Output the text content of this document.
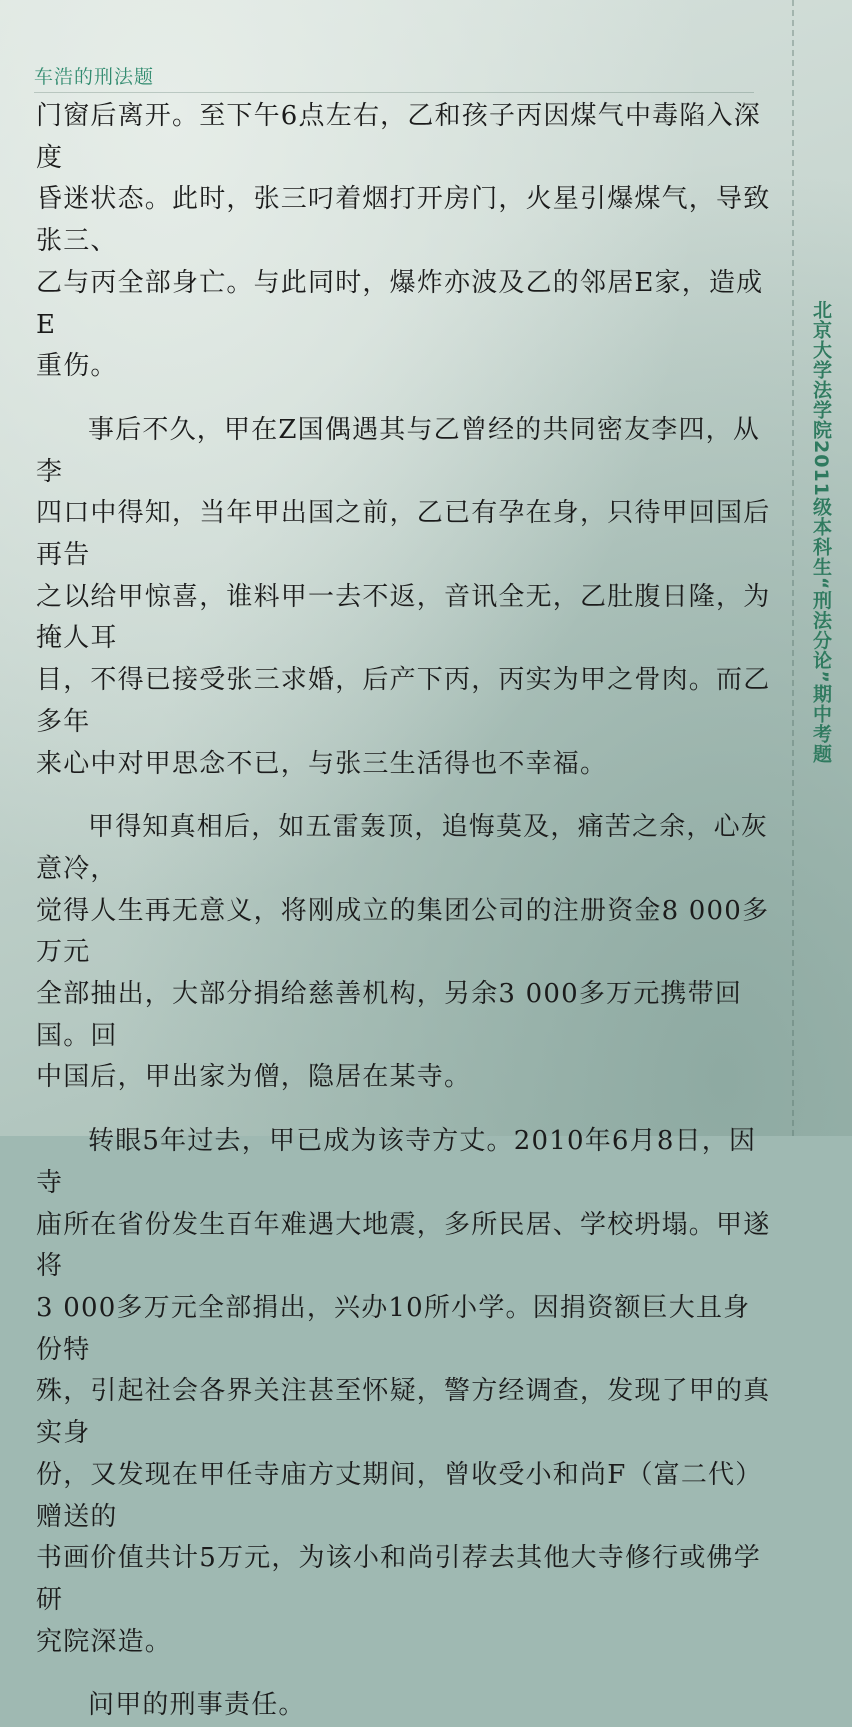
车浩的刑法题

门窗后离开。至下午6点左右，乙和孩子丙因煤气中毒陷入深度
昏迷状态。此时，张三叼着烟打开房门，火星引爆煤气，导致张三、
乙与丙全部身亡。与此同时，爆炸亦波及乙的邻居E家，造成E
重伤。

事后不久，甲在Z国偶遇其与乙曾经的共同密友李四，从李
四口中得知，当年甲出国之前，乙已有孕在身，只待甲回国后再告
之以给甲惊喜，谁料甲一去不返，音讯全无，乙肚腹日隆，为掩人耳
目，不得已接受张三求婚，后产下丙，丙实为甲之骨肉。而乙多年
来心中对甲思念不已，与张三生活得也不幸福。

甲得知真相后，如五雷轰顶，追悔莫及，痛苦之余，心灰意冷，
觉得人生再无意义，将刚成立的集团公司的注册资金8 000多万元
全部抽出，大部分捐给慈善机构，另余3 000多万元携带回国。回
中国后，甲出家为僧，隐居在某寺。

转眼5年过去，甲已成为该寺方丈。2010年6月8日，因寺
庙所在省份发生百年难遇大地震，多所民居、学校坍塌。甲遂将
3 000多万元全部捐出，兴办10所小学。因捐资额巨大且身份特
殊，引起社会各界关注甚至怀疑，警方经调查，发现了甲的真实身
份，又发现在甲任寺庙方丈期间，曾收受小和尚F（富二代）赠送的
书画价值共计5万元，为该小和尚引荐去其他大寺修行或佛学研
究院深造。

问甲的刑事责任。

北京大学法学院2011级本科生“刑法分论”期中考题
